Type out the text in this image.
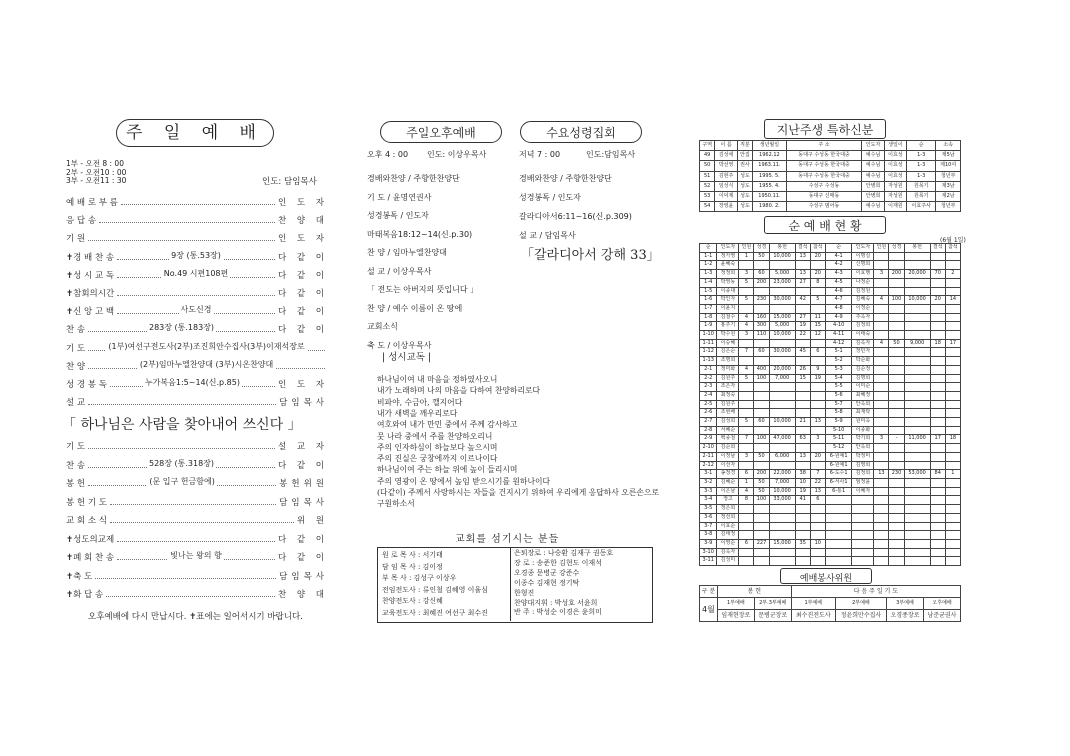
주 일 예 배
1부 - 오전 8 : 00
2부 - 오전10 : 00
3부 - 오전11 : 30	인도: 담임목사
예 배 로 부 름	인 도 자
응 답 송	찬 양 대
기 원	인 도 자
✝경 배 찬 송	9장 (통.53장)	다 같 이
✝성 시 교 독	No.49 시편108편	다 같 이
✝참회의시간	다 같 이
✝신 앙 고 백	사도신경	다 같 이
찬 송	283장 (통.183장)	다 같 이
기 도	(1부)여선구전도사(2부)조진희안수집사(3부)이재석장로
찬 양	(2부)임마누엘찬양대 (3부)시온찬양대
성 경 봉 독	누가복음1:5~14(신.p.85)	인 도 자
설 교	담임목사
「 하나님은 사람을 찾아내어 쓰신다 」
기 도	설 교 자
찬 송	528장 (통.318장)	다 같 이
봉 헌	(문 입구 헌금함에)	봉헌위원
봉 헌 기 도	담임목사
교 회 소 식	위 원
✝성도의교제	다 같 이
✝폐 회 찬 송	빛나는 왕의 향	다 같 이
✝축 도	담임목사
✝화 답 송	찬 양 대
오후예배에 다시 만납시다. ✝표에는 일어서시기 바랍니다.
주일오후예배	수요성령집회
오후 4 : 00 인도: 이상우목사	저녁 7 : 00	인도:담임목사
경배와찬양 / 주향한찬양단
기 도 / 윤명연권사
성경봉독 / 인도자
마태복음18:12~14(신.p.30)
찬 양 / 임마누엘찬양대
설 교 / 이상우목사
「 전도는 아버지의 뜻입니다 」
찬 양 / 예수 이름이 온 땅에
교회소식
축 도 / 이상우목사
경배와찬양 / 주향한찬양단
성경봉독 / 인도자
갈라디아서6:11~16(신.p.309)
설 교 / 담임목사
「갈라디아서 강해 33」
| 성시교독 |
하나님이여 내 마음을 정하였사오니
내가 노래하며 나의 마음을 다하여 찬양하리로다
비파야, 수금아, 깰지어다
내가 새벽을 깨우리로다
여호와여 내가 만민 중에서 주께 감사하고
뭇 나라 중에서 주를 찬양하오리니
주의 인자하심이 하늘보다 높으시며
주의 진실은 궁창에까지 이르나이다
하나님이여 주는 하늘 위에 높이 들리시며
주의 영광이 온 땅에서 높임 받으시기를 원하나이다
(다같이) 주께서 사랑하시는 자들을 건지시기 위하여 우리에게 응답하사 오른손으로
구원하소서
교회를 섬기시는 분들
원 로 목 사 : 서기태
담 임 목 사 : 김이정
부 목 사 : 김성구 이상우
전임전도사 : 류인철 김혜영 이율심
찬양전도사 : 강신혜
교육전도사 : 최혜진 여선구 최수진
은퇴장로 : 나승환 김재구 권동호
장 로 : 송준한 김현도 이재석
오경종 문병군 강준수
이종수 김재현 정기탁
한형진
찬양대지휘 : 박성호 서윤희
반 주 : 박성순 이경은 윤희미
지난주생 특하신분
구역	이 름	직분	생년월일	주 소	인도자	생일이	순	소속
49	김성애	안집	1962.12	동대구 수성동 한국대중	예수님	이효성	1-3	제5남
50	박선영	권사	1963.11.	동대구 수성동 한국대중	예수님	이효성	1-3	제10여
51	김현주	성도	1995. 5.	동대구 수성동 한국대중	예수님	이효성	1-3	청년부
52	임성식	성도	1955. 4.	수성구 수성동	안병희	자성원	원목기	제3남
53	이덕제	성도	1950.11.	동대구 신매동	안병희	자성원	원목기	제2남
54	장영윤	성도	1980. 2.	수성구 범어동	예수님	이재원	이효주사	청년부
순 예 배 현 황
(6월 1일)
순	인도자	인원	성경	봉헌	결석	참석	순	인도자	인원	성경	봉헌	결석	참석
1-1	정가영	1	50	10,000	13	20	4-1	이명실					
1-2	윤혜숙						4-2	신명희					
1-3	정정희	3	60	5,000	13	20	4-3	이효행	3	200	20,000	70	2
1-4	박영동	5	200	23,000	27	8	4-5	나정순					
1-5	이종대						4-6	김정원					
1-6	박인자	5	230	30,000	42	5	4-7	김혜숙	4	100	10,000	20	14
1-7	이윤지						4-8	이정순					
1-8	김철수	4	160	15,000	27	11	4-9	주옥자					
1-9	홍주기	4	300	5,000	19	15	4-10	김정희					
1-10	박수원	3	110	10,000	22	12	4-11	이태숙					
1-11	이승혜						4-12	김옥자	4	50	9,000	18	17
1-12	김은순	7	60	30,000	45	6	5-1	정민자					
1-13	조명희						5-2	박순화					
2-1	정미화	4	400	20,000	26	9	5-3	김순정					
2-2	김원주	5	100	7,000	15	19	5-4	김명희					
2-3	조은자						5-5	이미순					
2-4	최정숙						5-6	최혜정					
2-5	김원주						5-7	안옥희					
2-6	조현배						5-8	최재탁					
2-7	김성희	5	60	10,000	21	13	5-9	원미옥					
2-8	서혜순						5-10	이종화					
2-9	백종철	7	100	47,000	63	3	5-11	박기희	3	-	11,000	17	18
2-10	김순희						5-12	안옥희					
2-11	이정남	3	50	6,000	13	20	6-원예1	박정미					
2-12	이선자						6-원예1	김영희					
3-1	송정경	6	200	22,000	38	7	6-도수1	김정희	13	230	53,000	84	1
3-2	김혜순	1	50	7,000	10	22	6-서사1	엄정윤					
3-3	이은남	4	50	10,000	19	13	6-통1	이혜자					
3-4	정고	8	100	33,000	41	6							
3-5	정은희												
3-6	정선희												
3-7	이효순												
3-8	김태정												
3-9	이영순	6	227	15,000	35	10							
3-10	김옥자												
3-11	김성미												
예배봉사위원
구 분	봉 헌		다 음 주 일 기 도			
4월	1부예배	2부.3부예배	1부예배	2부예배	3부예배	오후예배
	임재현장로	문병군장로	최수진전도사	정윤희안수집사	오경종장로	남준균권사
